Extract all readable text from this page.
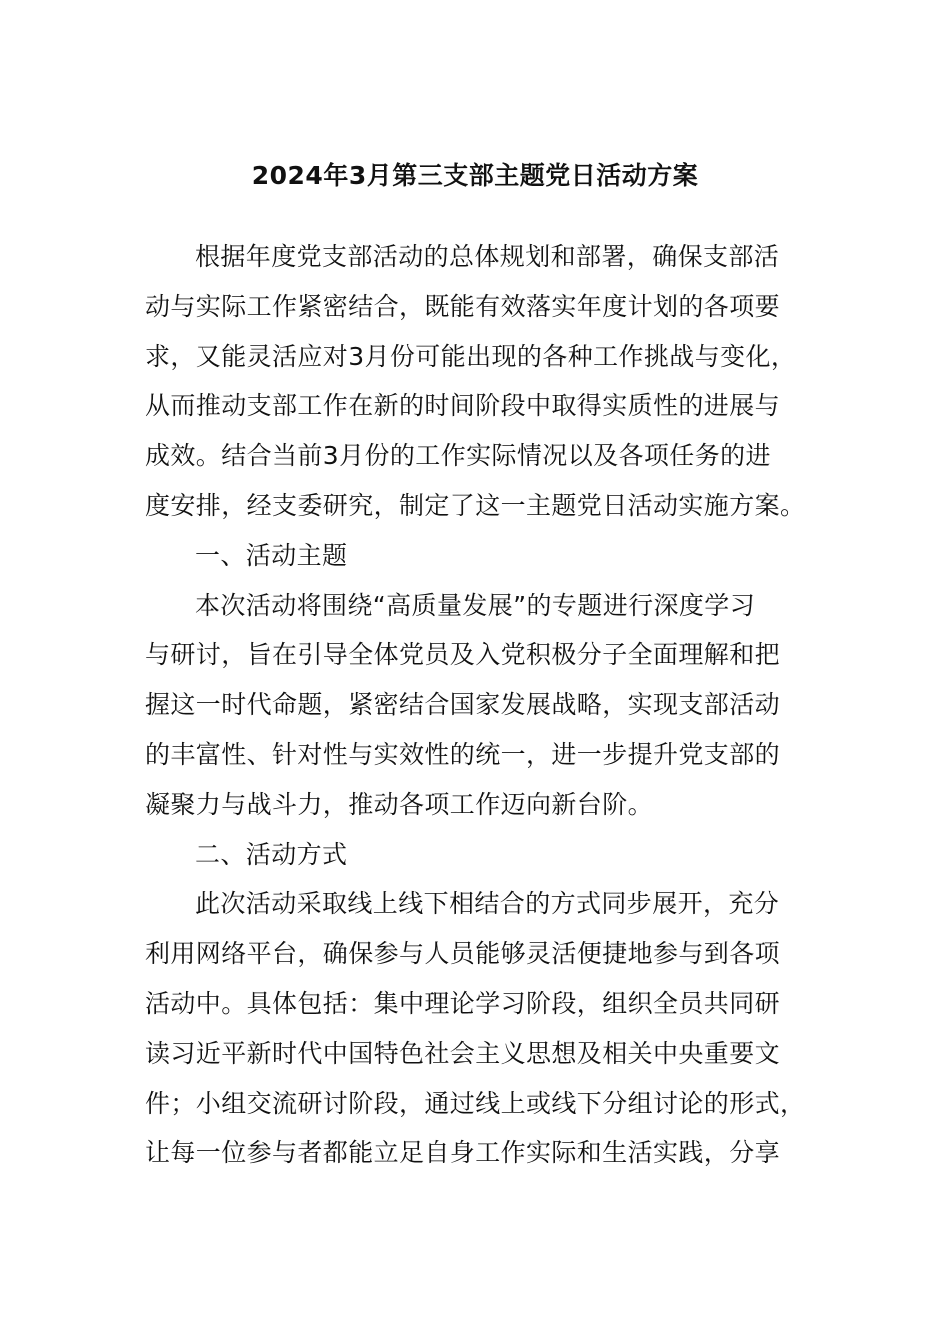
2024年3月第三支部主题党日活动方案
根据年度党支部活动的总体规划和部署，确保支部活
动与实际工作紧密结合，既能有效落实年度计划的各项要
求，又能灵活应对3月份可能出现的各种工作挑战与变化，
从而推动支部工作在新的时间阶段中取得实质性的进展与
成效。结合当前3月份的工作实际情况以及各项任务的进
度安排，经支委研究，制定了这一主题党日活动实施方案。
一、活动主题
本次活动将围绕“高质量发展”的专题进行深度学习
与研讨，旨在引导全体党员及入党积极分子全面理解和把
握这一时代命题，紧密结合国家发展战略，实现支部活动
的丰富性、针对性与实效性的统一，进一步提升党支部的
凝聚力与战斗力，推动各项工作迈向新台阶。
二、活动方式
此次活动采取线上线下相结合的方式同步展开，充分
利用网络平台，确保参与人员能够灵活便捷地参与到各项
活动中。具体包括：集中理论学习阶段，组织全员共同研
读习近平新时代中国特色社会主义思想及相关中央重要文
件；小组交流研讨阶段，通过线上或线下分组讨论的形式，
让每一位参与者都能立足自身工作实际和生活实践，分享
